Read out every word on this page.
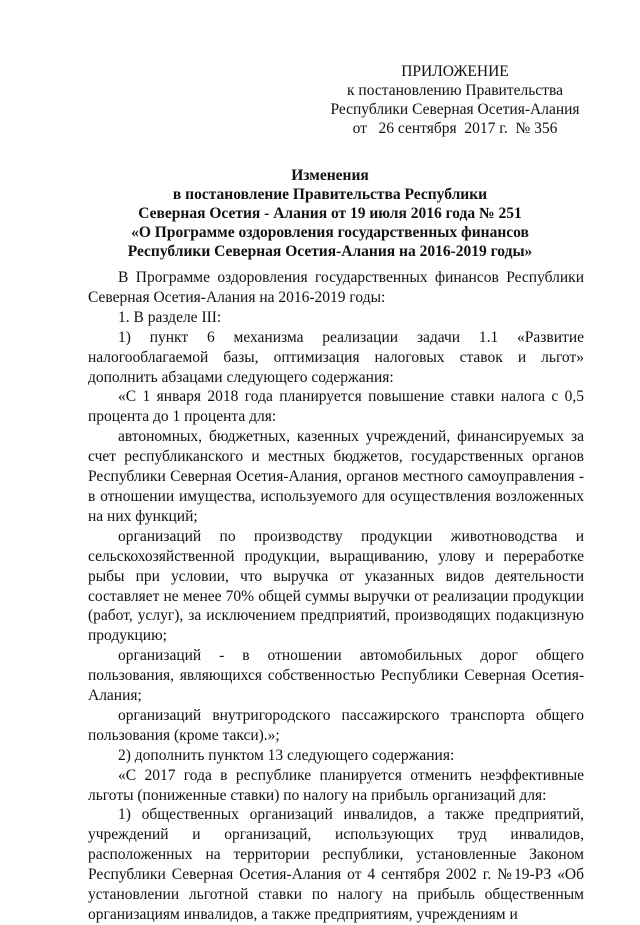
ПРИЛОЖЕНИЕ
к постановлению Правительства
Республики Северная Осетия-Алания
от   26 сентября  2017 г.  № 356
Изменения
в постановление Правительства Республики
Северная Осетия - Алания от 19 июля 2016 года № 251
«О Программе оздоровления государственных финансов
Республики Северная Осетия-Алания на 2016-2019 годы»

В Программе оздоровления государственных финансов Республики Северная Осетия-Алания на 2016-2019 годы:

1. В разделе III:

1) пункт 6 механизма реализации задачи 1.1 «Развитие налогооблагаемой базы, оптимизация налоговых ставок и льгот» дополнить абзацами следующего содержания:

«С 1 января 2018 года планируется повышение ставки налога с 0,5 процента до 1 процента для:

автономных, бюджетных, казенных учреждений, финансируемых за счет республиканского и местных бюджетов, государственных органов Республики Северная Осетия-Алания, органов местного самоуправления - в отношении имущества, используемого для осуществления возложенных на них функций;

организаций по производству продукции животноводства и сельскохозяйственной продукции, выращиванию, улову и переработке рыбы при условии, что выручка от указанных видов деятельности составляет не менее 70% общей суммы выручки от реализации продукции (работ, услуг), за исключением предприятий, производящих подакцизную продукцию;

организаций - в отношении автомобильных дорог общего пользования, являющихся собственностью Республики Северная Осетия-Алания;

организаций внутригородского пассажирского транспорта общего пользования (кроме такси).»;

2) дополнить пунктом 13 следующего содержания:

«С 2017 года в республике планируется отменить неэффективные льготы (пониженные ставки) по налогу на прибыль организаций для:

1) общественных организаций инвалидов, а также предприятий, учреждений и организаций, использующих труд инвалидов, расположенных на территории республики, установленные Законом Республики Северная Осетия-Алания от 4 сентября 2002 г. №19-РЗ «Об установлении льготной ставки по налогу на прибыль общественным организациям инвалидов, а также предприятиям, учреждениям и
